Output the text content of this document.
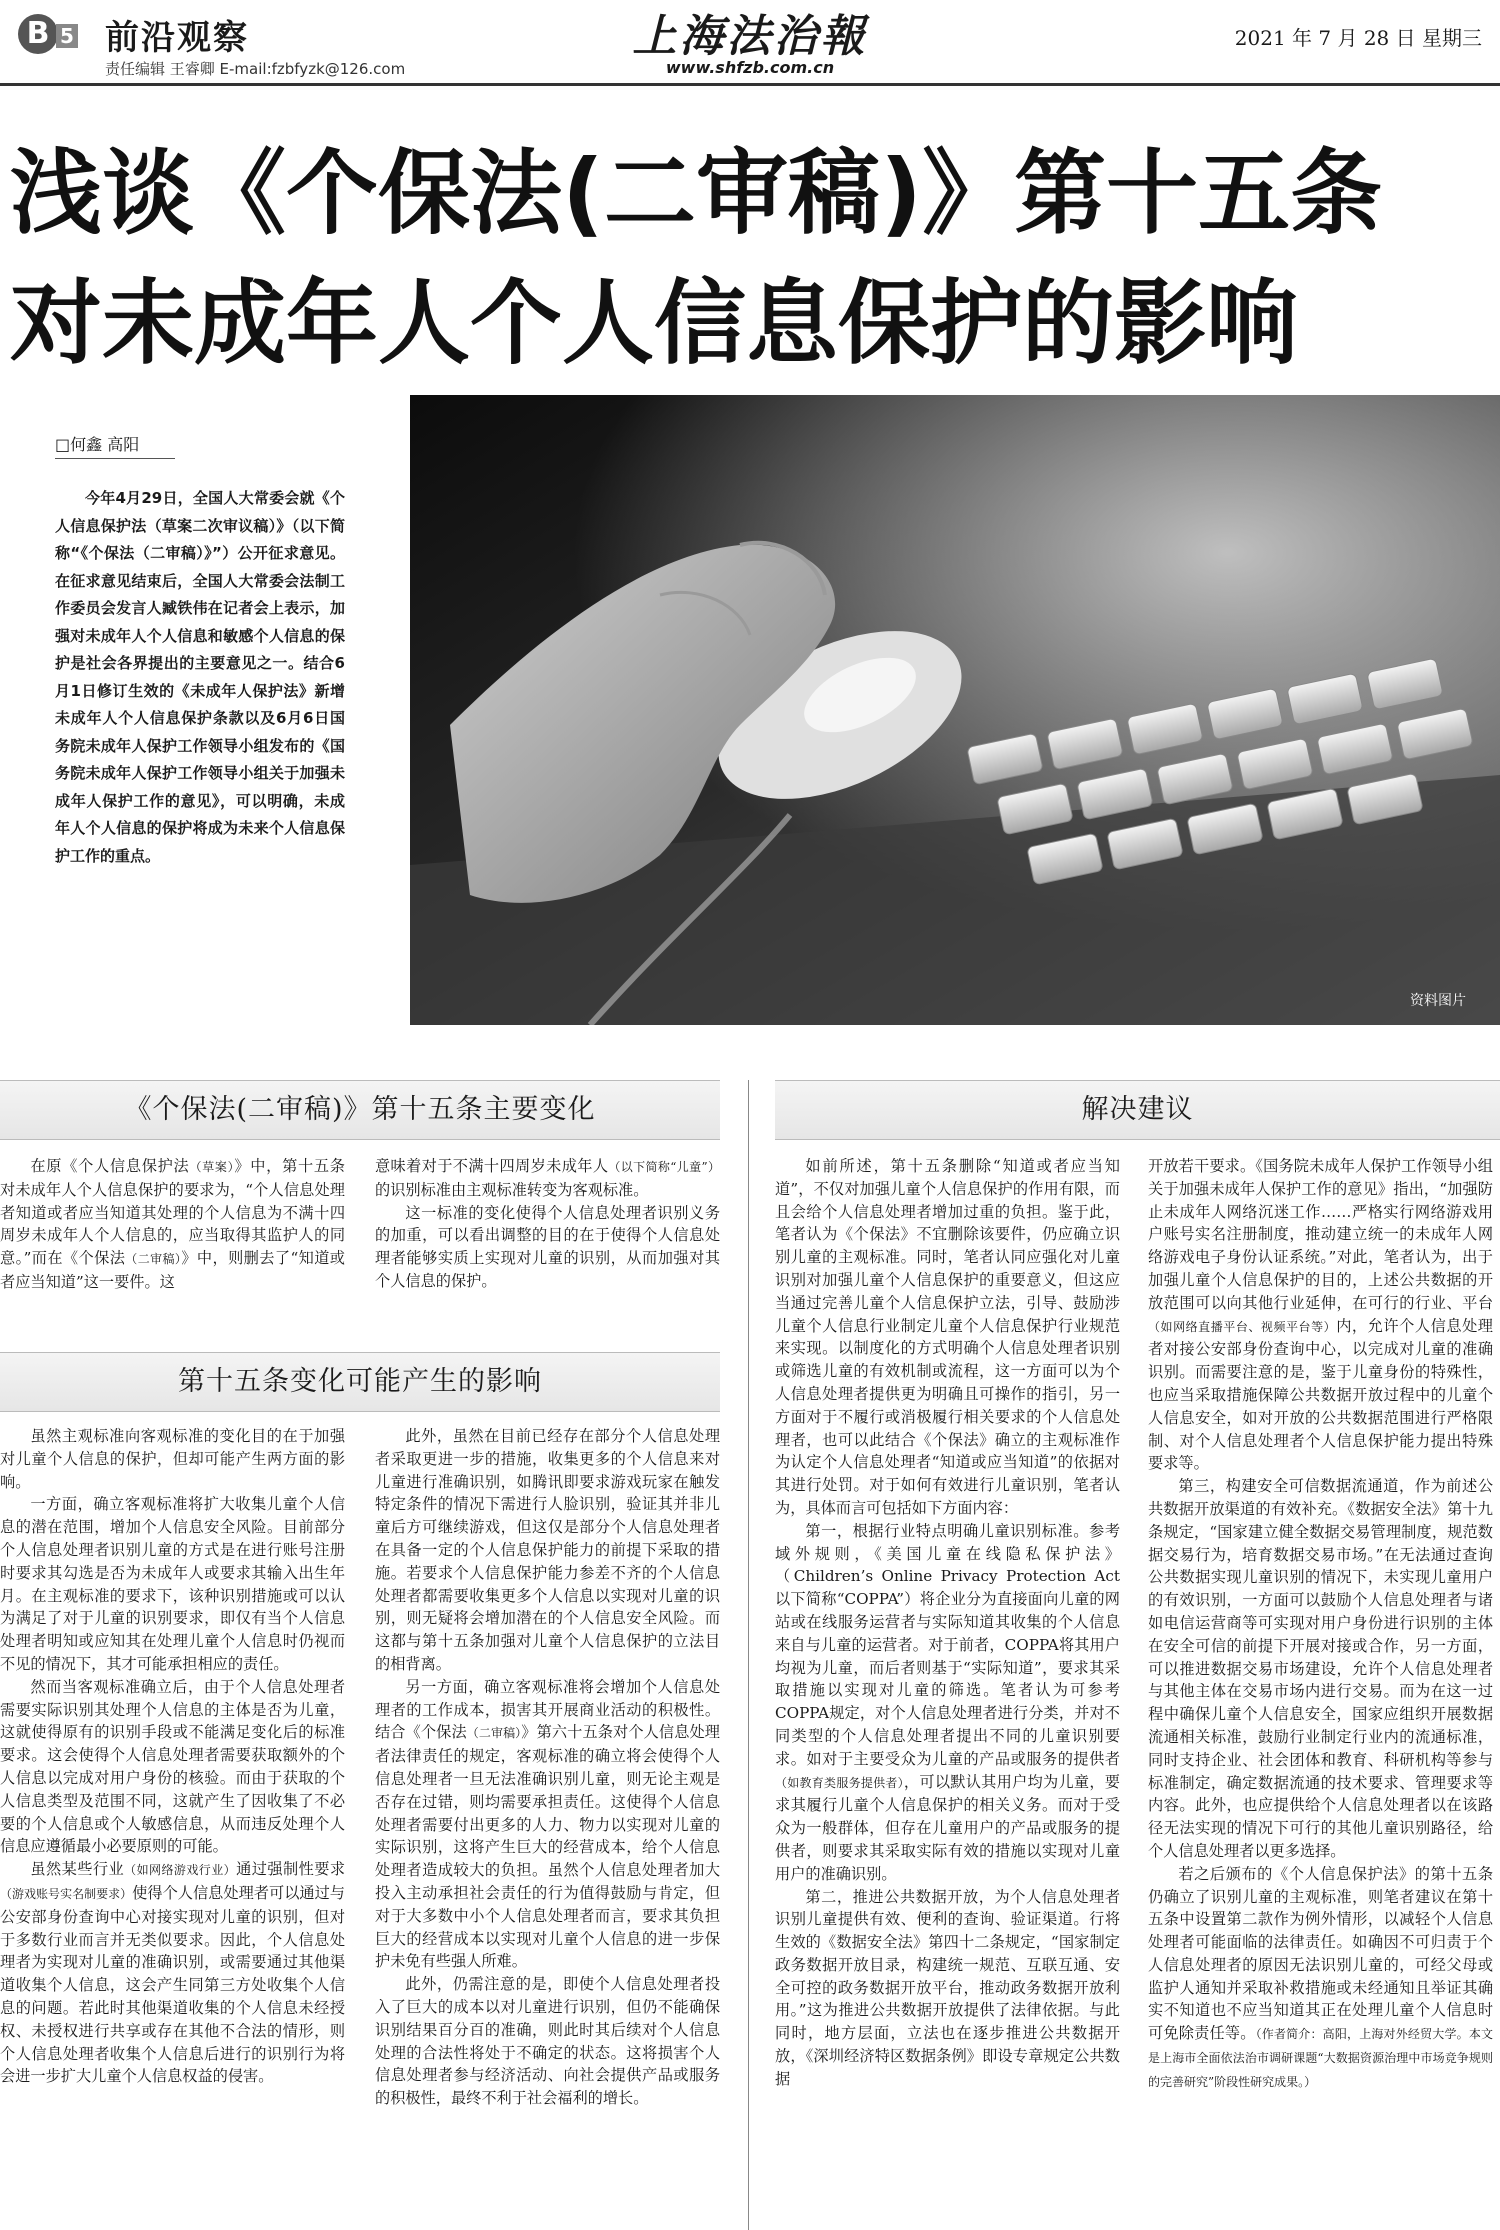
B 5 前沿观察
责任编辑 王睿卿 E-mail:fzbfyzk@126.com
上海法治報
www.shfzb.com.cn
2021 年 7 月 28 日 星期三
浅谈《个保法(二审稿)》第十五条
对未成年人个人信息保护的影响
□何鑫 高阳
今年4月29日，全国人大常委会就《个人信息保护法（草案二次审议稿）》（以下简称“《个保法（二审稿）》”）公开征求意见。在征求意见结束后，全国人大常委会法制工作委员会发言人臧铁伟在记者会上表示，加强对未成年人个人信息和敏感个人信息的保护是社会各界提出的主要意见之一。结合6月1日修订生效的《未成年人保护法》新增未成年人个人信息保护条款以及6月6日国务院未成年人保护工作领导小组发布的《国务院未成年人保护工作领导小组关于加强未成年人保护工作的意见》，可以明确，未成年人个人信息的保护将成为未来个人信息保护工作的重点。
资料图片
《个保法(二审稿)》第十五条主要变化
第十五条变化可能产生的影响
解决建议

在原《个人信息保护法（草案）》中，第十五条对未成年人个人信息保护的要求为，“个人信息处理者知道或者应当知道其处理的个人信息为不满十四周岁未成年人个人信息的，应当取得其监护人的同意。”而在《个保法（二审稿）》中，则删去了“知道或者应当知道”这一要件。这

意味着对于不满十四周岁未成年人（以下简称“儿童”）的识别标准由主观标准转变为客观标准。

这一标准的变化使得个人信息处理者识别义务的加重，可以看出调整的目的在于使得个人信息处理者能够实质上实现对儿童的识别，从而加强对其个人信息的保护。

虽然主观标准向客观标准的变化目的在于加强对儿童个人信息的保护，但却可能产生两方面的影响。

一方面，确立客观标准将扩大收集儿童个人信息的潜在范围，增加个人信息安全风险。目前部分个人信息处理者识别儿童的方式是在进行账号注册时要求其勾选是否为未成年人或要求其输入出生年月。在主观标准的要求下，该种识别措施或可以认为满足了对于儿童的识别要求，即仅有当个人信息处理者明知或应知其在处理儿童个人信息时仍视而不见的情况下，其才可能承担相应的责任。

然而当客观标准确立后，由于个人信息处理者需要实际识别其处理个人信息的主体是否为儿童，这就使得原有的识别手段或不能满足变化后的标准要求。这会使得个人信息处理者需要获取额外的个人信息以完成对用户身份的核验。而由于获取的个人信息类型及范围不同，这就产生了因收集了不必要的个人信息或个人敏感信息，从而违反处理个人信息应遵循最小必要原则的可能。

虽然某些行业（如网络游戏行业）通过强制性要求（游戏账号实名制要求）使得个人信息处理者可以通过与公安部身份查询中心对接实现对儿童的识别，但对于多数行业而言并无类似要求。因此，个人信息处理者为实现对儿童的准确识别，或需要通过其他渠道收集个人信息，这会产生同第三方处收集个人信息的问题。若此时其他渠道收集的个人信息未经授权、未授权进行共享或存在其他不合法的情形，则个人信息处理者收集个人信息后进行的识别行为将会进一步扩大儿童个人信息权益的侵害。

此外，虽然在目前已经存在部分个人信息处理者采取更进一步的措施，收集更多的个人信息来对儿童进行准确识别，如腾讯即要求游戏玩家在触发特定条件的情况下需进行人脸识别，验证其并非儿童后方可继续游戏，但这仅是部分个人信息处理者在具备一定的个人信息保护能力的前提下采取的措施。若要求个人信息保护能力参差不齐的个人信息处理者都需要收集更多个人信息以实现对儿童的识别，则无疑将会增加潜在的个人信息安全风险。而这都与第十五条加强对儿童个人信息保护的立法目的相背离。

另一方面，确立客观标准将会增加个人信息处理者的工作成本，损害其开展商业活动的积极性。结合《个保法（二审稿）》第六十五条对个人信息处理者法律责任的规定，客观标准的确立将会使得个人信息处理者一旦无法准确识别儿童，则无论主观是否存在过错，则均需要承担责任。这使得个人信息处理者需要付出更多的人力、物力以实现对儿童的实际识别，这将产生巨大的经营成本，给个人信息处理者造成较大的负担。虽然个人信息处理者加大投入主动承担社会责任的行为值得鼓励与肯定，但对于大多数中小个人信息处理者而言，要求其负担巨大的经营成本以实现对儿童个人信息的进一步保护未免有些强人所难。

此外，仍需注意的是，即使个人信息处理者投入了巨大的成本以对儿童进行识别，但仍不能确保识别结果百分百的准确，则此时其后续对个人信息处理的合法性将处于不确定的状态。这将损害个人信息处理者参与经济活动、向社会提供产品或服务的积极性，最终不利于社会福利的增长。

如前所述，第十五条删除“知道或者应当知道”，不仅对加强儿童个人信息保护的作用有限，而且会给个人信息处理者增加过重的负担。鉴于此，笔者认为《个保法》不宜删除该要件，仍应确立识别儿童的主观标准。同时，笔者认同应强化对儿童识别对加强儿童个人信息保护的重要意义，但这应当通过完善儿童个人信息保护立法，引导、鼓励涉儿童个人信息行业制定儿童个人信息保护行业规范来实现。以制度化的方式明确个人信息处理者识别或筛选儿童的有效机制或流程，这一方面可以为个人信息处理者提供更为明确且可操作的指引，另一方面对于不履行或消极履行相关要求的个人信息处理者，也可以此结合《个保法》确立的主观标准作为认定个人信息处理者“知道或应当知道”的依据对其进行处罚。对于如何有效进行儿童识别，笔者认为，具体而言可包括如下方面内容：

第一，根据行业特点明确儿童识别标准。参考域外规则，《美国儿童在线隐私保护法》（Children’s Online Privacy Protection Act 以下简称“COPPA”）将企业分为直接面向儿童的网站或在线服务运营者与实际知道其收集的个人信息来自与儿童的运营者。对于前者，COPPA将其用户均视为儿童，而后者则基于“实际知道”，要求其采取措施以实现对儿童的筛选。笔者认为可参考COPPA规定，对个人信息处理者进行分类，并对不同类型的个人信息处理者提出不同的儿童识别要求。如对于主要受众为儿童的产品或服务的提供者（如教育类服务提供者），可以默认其用户均为儿童，要求其履行儿童个人信息保护的相关义务。而对于受众为一般群体，但存在儿童用户的产品或服务的提供者，则要求其采取实际有效的措施以实现对儿童用户的准确识别。

第二，推进公共数据开放，为个人信息处理者识别儿童提供有效、便利的查询、验证渠道。行将生效的《数据安全法》第四十二条规定，“国家制定政务数据开放目录，构建统一规范、互联互通、安全可控的政务数据开放平台，推动政务数据开放利用。”这为推进公共数据开放提供了法律依据。与此同时，地方层面，立法也在逐步推进公共数据开放，《深圳经济特区数据条例》即设专章规定公共数据

开放若干要求。《国务院未成年人保护工作领导小组关于加强未成年人保护工作的意见》指出，“加强防止未成年人网络沉迷工作……严格实行网络游戏用户账号实名注册制度，推动建立统一的未成年人网络游戏电子身份认证系统。”对此，笔者认为，出于加强儿童个人信息保护的目的，上述公共数据的开放范围可以向其他行业延伸，在可行的行业、平台（如网络直播平台、视频平台等）内，允许个人信息处理者对接公安部身份查询中心，以完成对儿童的准确识别。而需要注意的是，鉴于儿童身份的特殊性，也应当采取措施保障公共数据开放过程中的儿童个人信息安全，如对开放的公共数据范围进行严格限制、对个人信息处理者个人信息保护能力提出特殊要求等。

第三，构建安全可信数据流通道，作为前述公共数据开放渠道的有效补充。《数据安全法》第十九条规定，“国家建立健全数据交易管理制度，规范数据交易行为，培育数据交易市场。”在无法通过查询公共数据实现儿童识别的情况下，未实现儿童用户的有效识别，一方面可以鼓励个人信息处理者与诸如电信运营商等可实现对用户身份进行识别的主体在安全可信的前提下开展对接或合作，另一方面，可以推进数据交易市场建设，允许个人信息处理者与其他主体在交易市场内进行交易。而为在这一过程中确保儿童个人信息安全，国家应组织开展数据流通相关标准，鼓励行业制定行业内的流通标准，同时支持企业、社会团体和教育、科研机构等参与标准制定，确定数据流通的技术要求、管理要求等内容。此外，也应提供给个人信息处理者以在该路径无法实现的情况下可行的其他儿童识别路径，给个人信息处理者以更多选择。

若之后颁布的《个人信息保护法》的第十五条仍确立了识别儿童的主观标准，则笔者建议在第十五条中设置第二款作为例外情形，以减轻个人信息处理者可能面临的法律责任。如确因不可归责于个人信息处理者的原因无法识别儿童的，可经父母或监护人通知并采取补救措施或未经通知且举证其确实不知道也不应当知道其正在处理儿童个人信息时可免除责任等。（作者简介：高阳，上海对外经贸大学。本文是上海市全面依法治市调研课题“大数据资源治理中市场竞争规则的完善研究”阶段性研究成果。）
